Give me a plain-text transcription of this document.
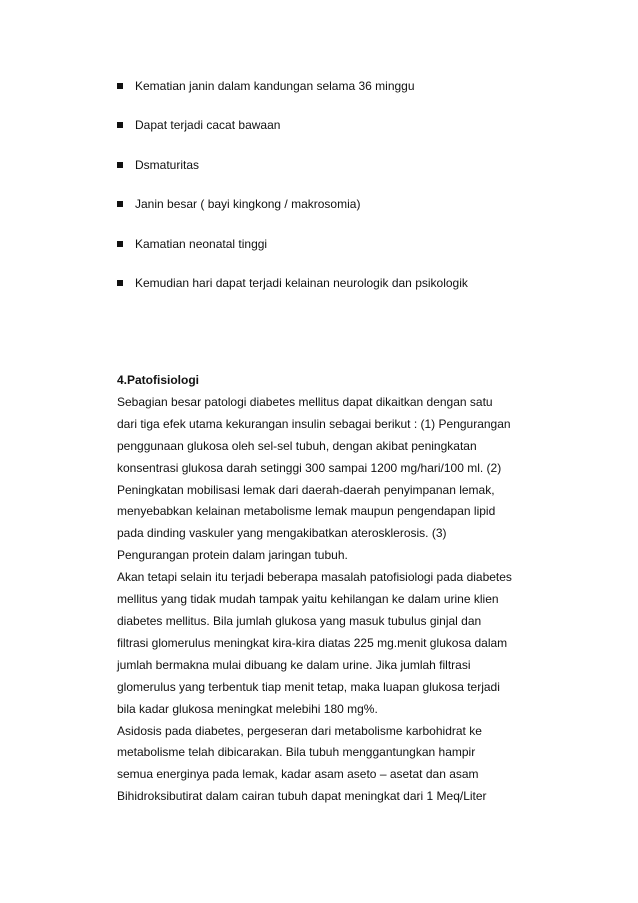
Kematian janin dalam kandungan selama 36 minggu
Dapat terjadi cacat bawaan
Dsmaturitas
Janin besar ( bayi kingkong / makrosomia)
Kamatian neonatal tinggi
Kemudian hari dapat terjadi kelainan neurologik dan psikologik

4.Patofisiologi

Sebagian besar patologi diabetes mellitus dapat dikaitkan dengan satu
dari tiga efek utama kekurangan insulin sebagai berikut : (1) Pengurangan
penggunaan glukosa oleh sel-sel tubuh, dengan akibat peningkatan
konsentrasi glukosa darah setinggi 300 sampai 1200 mg/hari/100 ml. (2)
Peningkatan mobilisasi lemak dari daerah-daerah penyimpanan lemak,
menyebabkan kelainan metabolisme lemak maupun pengendapan lipid
pada dinding vaskuler yang mengakibatkan aterosklerosis. (3)
Pengurangan protein dalam jaringan tubuh.
Akan tetapi selain itu terjadi beberapa masalah patofisiologi pada diabetes
mellitus yang tidak mudah tampak yaitu kehilangan ke dalam urine klien
diabetes mellitus. Bila jumlah glukosa yang masuk tubulus ginjal dan
filtrasi glomerulus meningkat kira-kira diatas 225 mg.menit glukosa dalam
jumlah bermakna mulai dibuang ke dalam urine. Jika jumlah filtrasi
glomerulus yang terbentuk tiap menit tetap, maka luapan glukosa terjadi
bila kadar glukosa meningkat melebihi 180 mg%.
Asidosis pada diabetes, pergeseran dari metabolisme karbohidrat ke
metabolisme telah dibicarakan. Bila tubuh menggantungkan hampir
semua energinya pada lemak, kadar asam aseto – asetat dan asam
Bihidroksibutirat dalam cairan tubuh dapat meningkat dari 1 Meq/Liter
